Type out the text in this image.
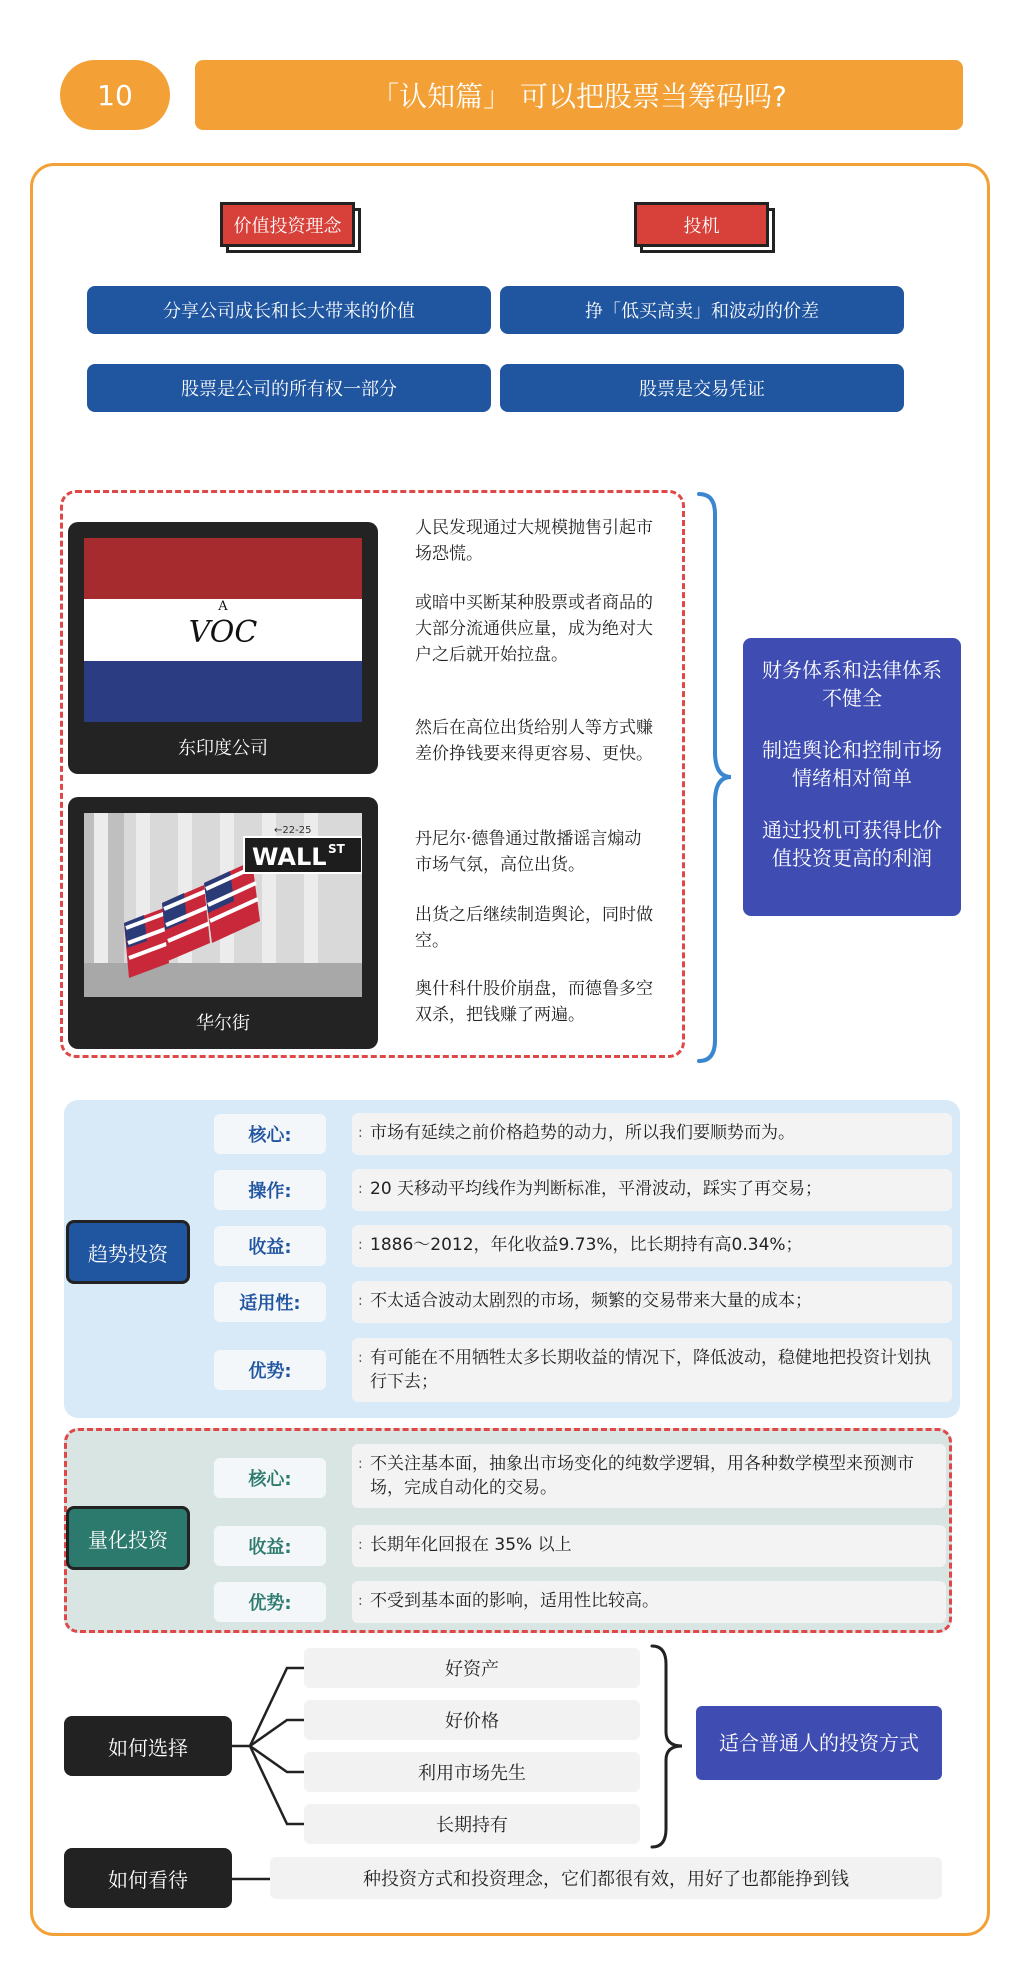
10	「认知篇」 可以把股票当筹码吗?
价值投资理念	投机
分享公司成长和长大带来的价值	挣「低买高卖」和波动的价差
股票是公司的所有权一部分	股票是交易凭证
A
VOC
东印度公司
WALL ST
←22-25
华尔街
人民发现通过大规模抛售引起市场恐慌。
或暗中买断某种股票或者商品的大部分流通供应量，成为绝对大户之后就开始拉盘。
然后在高位出货给别人等方式赚差价挣钱要来得更容易、更快。
丹尼尔·德鲁通过散播谣言煽动市场气氛，高位出货。
出货之后继续制造舆论，同时做空。
奥什科什股价崩盘，而德鲁多空双杀，把钱赚了两遍。

财务体系和法律体系不健全

制造舆论和控制市场情绪相对简单

通过投机可获得比价值投资更高的利润

趋势投资
核心:	: 市场有延续之前价格趋势的动力，所以我们要顺势而为。
操作:	: 20 天移动平均线作为判断标准，平滑波动，踩实了再交易；
收益:	: 1886～2012，年化收益9.73%，比长期持有高0.34%；
适用性:	: 不太适合波动太剧烈的市场，频繁的交易带来大量的成本；
优势:
: 有可能在不用牺牲太多长期收益的情况下，降低波动，稳健地把投资计划执行下去；
量化投资
核心:
: 不关注基本面，抽象出市场变化的纯数学逻辑，用各种数学模型来预测市场，完成自动化的交易。
收益:	: 长期年化回报在 35% 以上
优势:	: 不受到基本面的影响，适用性比较高。
如何选择
好资产
好价格
利用市场先生
长期持有
适合普通人的投资方式
如何看待	种投资方式和投资理念，它们都很有效，用好了也都能挣到钱
